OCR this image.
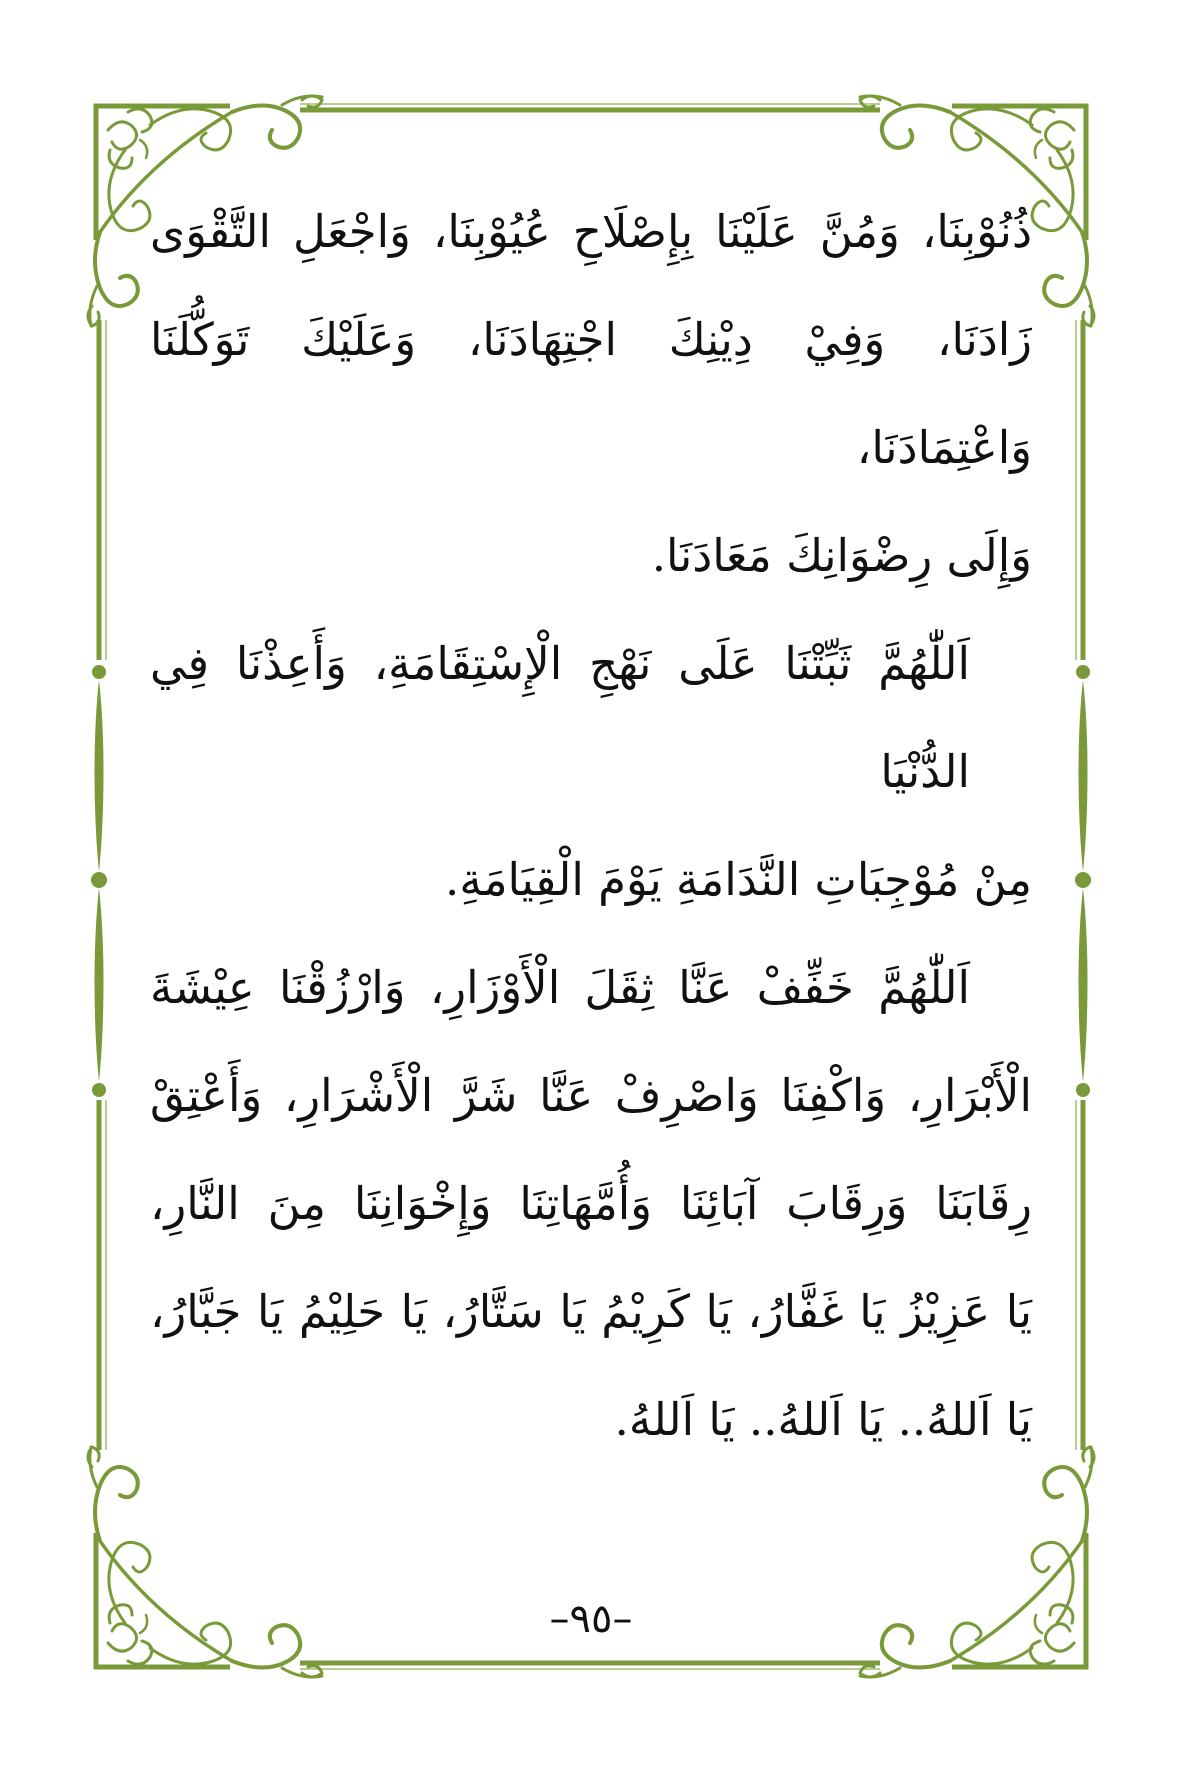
ذُنُوْبِنَا، وَمُنَّ عَلَيْنَا بِإِصْلَاحِ عُيُوْبِنَا، وَاجْعَلِ التَّقْوَى
زَادَنَا، وَفِيْ دِيْنِكَ اجْتِهَادَنَا، وَعَلَيْكَ تَوَكُّلَنَا وَاعْتِمَادَنَا،
وَإِلَى رِضْوَانِكَ مَعَادَنَا.
اَللّٰهُمَّ ثَبِّتْنَا عَلَى نَهْجِ الْإِسْتِقَامَةِ، وَأَعِذْنَا فِي الدُّنْيَا
مِنْ مُوْجِبَاتِ النَّدَامَةِ يَوْمَ الْقِيَامَةِ.
اَللّٰهُمَّ خَفِّفْ عَنَّا ثِقَلَ الْأَوْزَارِ، وَارْزُقْنَا عِيْشَةَ
الْأَبْرَارِ، وَاكْفِنَا وَاصْرِفْ عَنَّا شَرَّ الْأَشْرَارِ، وَأَعْتِقْ
رِقَابَنَا وَرِقَابَ آبَائِنَا وَأُمَّهَاتِنَا وَإِخْوَانِنَا مِنَ النَّارِ،
يَا عَزِيْزُ يَا غَفَّارُ، يَا كَرِيْمُ يَا سَتَّارُ، يَا حَلِيْمُ يَا جَبَّارُ،
يَا اَللهُ.. يَا اَللهُ.. يَا اَللهُ.
–٩٥–
